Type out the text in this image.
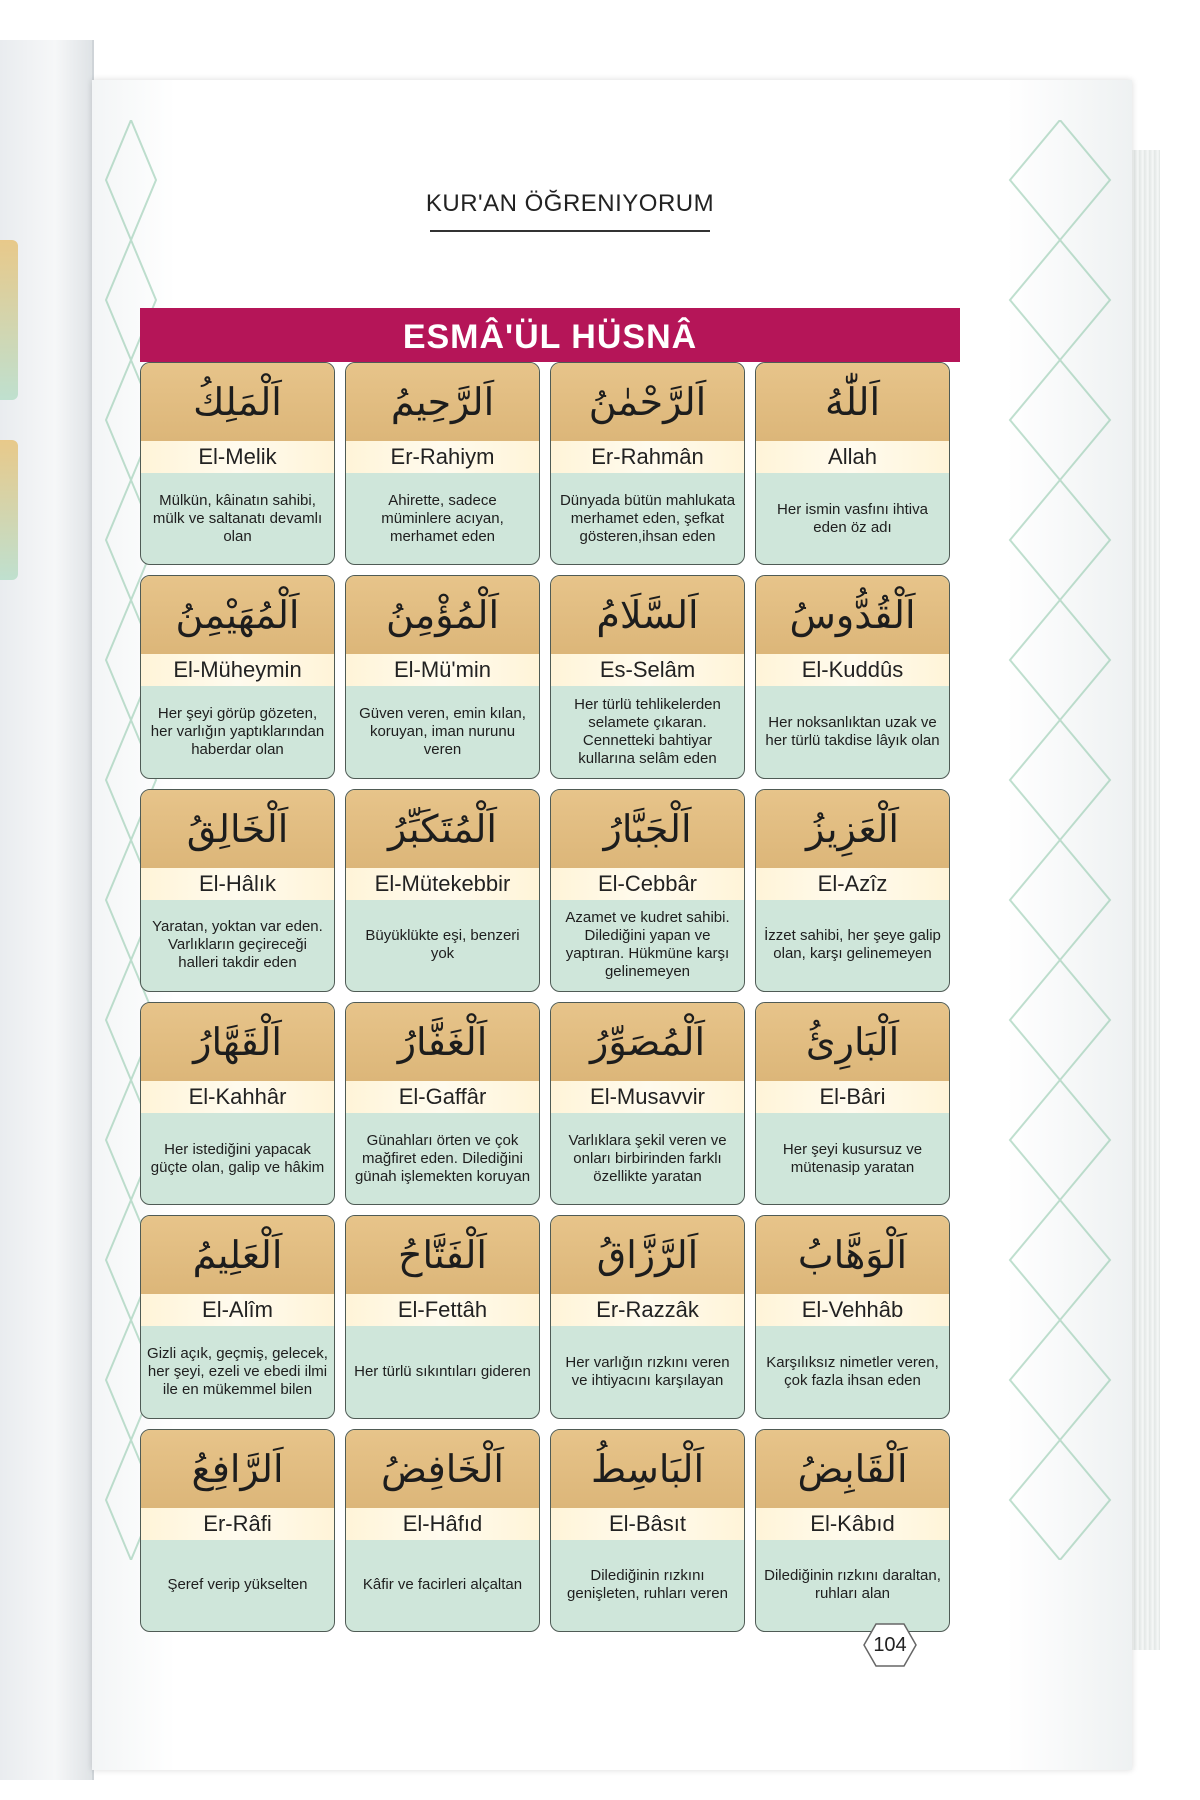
KUR'AN ÖĞRENIYORUM
ESMÂ'ÜL HÜSNÂ
اَلْمَلِكُ
El-Melik
Mülkün, kâinatın sahibi, mülk ve saltanatı devamlı olan
اَلرَّحِيمُ
Er-Rahiym
Ahirette, sadece müminlere acıyan, merhamet eden
اَلرَّحْمٰنُ
Er-Rahmân
Dünyada bütün mahlukata merhamet eden, şefkat gösteren,ihsan eden
اَللّٰهُ
Allah
Her ismin vasfını ihtiva eden öz adı
اَلْمُهَيْمِنُ
El-Müheymin
Her şeyi görüp gözeten, her varlığın yaptıklarından haberdar olan
اَلْمُؤْمِنُ
El-Mü'min
Güven veren, emin kılan, koruyan, iman nurunu veren
اَلسَّلَامُ
Es-Selâm
Her türlü tehlikelerden selamete çıkaran. Cennetteki bahtiyar kullarına selâm eden
اَلْقُدُّوسُ
El-Kuddûs
Her noksanlıktan uzak ve her türlü takdise lâyık olan
اَلْخَالِقُ
El-Hâlık
Yaratan, yoktan var eden. Varlıkların geçireceği halleri takdir eden
اَلْمُتَكَبِّرُ
El-Mütekebbir
Büyüklükte eşi, benzeri yok
اَلْجَبَّارُ
El-Cebbâr
Azamet ve kudret sahibi. Dilediğini yapan ve yaptıran. Hükmüne karşı gelinemeyen
اَلْعَزِيزُ
El-Azîz
İzzet sahibi, her şeye galip olan, karşı gelinemeyen
اَلْقَهَّارُ
El-Kahhâr
Her istediğini yapacak güçte olan, galip ve hâkim
اَلْغَفَّارُ
El-Gaffâr
Günahları örten ve çok mağfiret eden. Dilediğini günah işlemekten koruyan
اَلْمُصَوِّرُ
El-Musavvir
Varlıklara şekil veren ve onları birbirinden farklı özellikte yaratan
اَلْبَارِئُ
El-Bâri
Her şeyi kusursuz ve mütenasip yaratan
اَلْعَلِيمُ
El-Alîm
Gizli açık, geçmiş, gelecek, her şeyi, ezeli ve ebedi ilmi ile en mükemmel bilen
اَلْفَتَّاحُ
El-Fettâh
Her türlü sıkıntıları gideren
اَلرَّزَّاقُ
Er-Razzâk
Her varlığın rızkını veren ve ihtiyacını karşılayan
اَلْوَهَّابُ
El-Vehhâb
Karşılıksız nimetler veren, çok fazla ihsan eden
اَلرَّافِعُ
Er-Râfi
Şeref verip yükselten
اَلْخَافِضُ
El-Hâfıd
Kâfir ve facirleri alçaltan
اَلْبَاسِطُ
El-Bâsıt
Dilediğinin rızkını genişleten, ruhları veren
اَلْقَابِضُ
El-Kâbıd
Dilediğinin rızkını daraltan, ruhları alan
104
